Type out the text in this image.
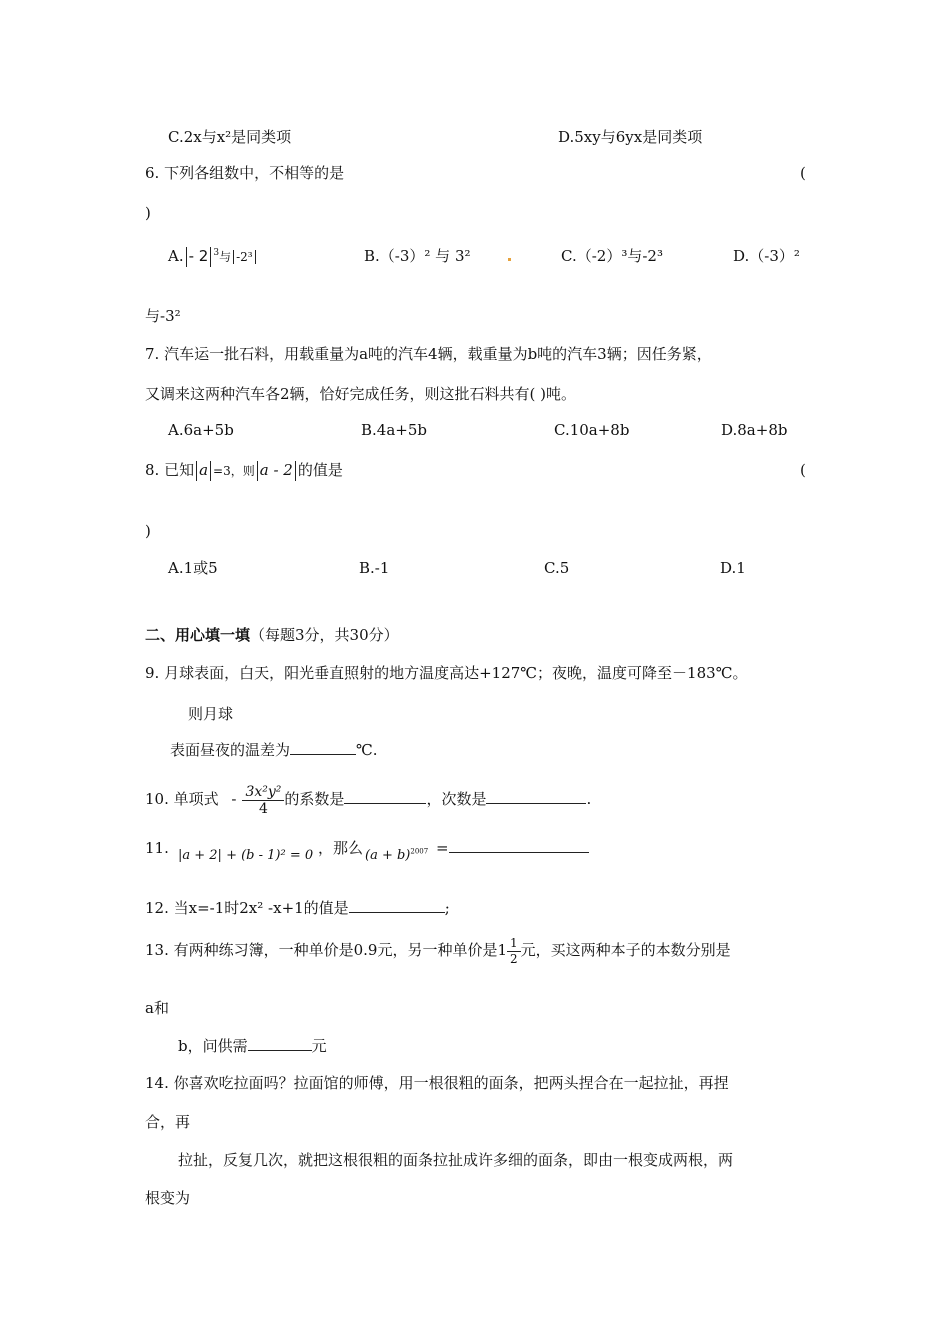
C.2x与x²是同类项	D.5xy与6yx是同类项
6. 下列各组数中，不相等的是	(
)
A. - 2 $^3$与 -2³	B.（-3）² 与 3²	C.（-2）³与-2³	D.（-3）²
与-3²
7. 汽车运一批石料，用载重量为a吨的汽车4辆，载重量为b吨的汽车3辆；因任务紧，
又调来这两种汽车各2辆，恰好完成任务，则这批石料共有( )吨。
A.6a+5b	B.4a+5b	C.10a+8b	D.8a+8b
8. 已知 a =3，则 a - 2 的值是	(
)
A.1或5	B.-1	C.5	D.1
二、用心填一填（每题3分，共30分）
9. 月球表面，白天，阳光垂直照射的地方温度高达+127℃；夜晚，温度可降至－183℃。
则月球
表面昼夜的温差为	℃.
10. 单项式 - $\frac{\text{3x²y²}}{4}$ 的系数是	，次数是	.
11. |a + 2| + (b - 1)² = 0 ，那么 $(a + b)^{2007}$ =
12. 当x=-1时2x² -x+1的值是	;
13. 有两种练习簿，一种单价是0.9元，另一种单价是$1 \frac{1}{2}$ 元，买这两种本子的本数分别是
a和
b，问供需	元
14. 你喜欢吃拉面吗？拉面馆的师傅，用一根很粗的面条，把两头捏合在一起拉扯，再捏
合，再
拉扯，反复几次，就把这根很粗的面条拉扯成许多细的面条，即由一根变成两根，两
根变为
